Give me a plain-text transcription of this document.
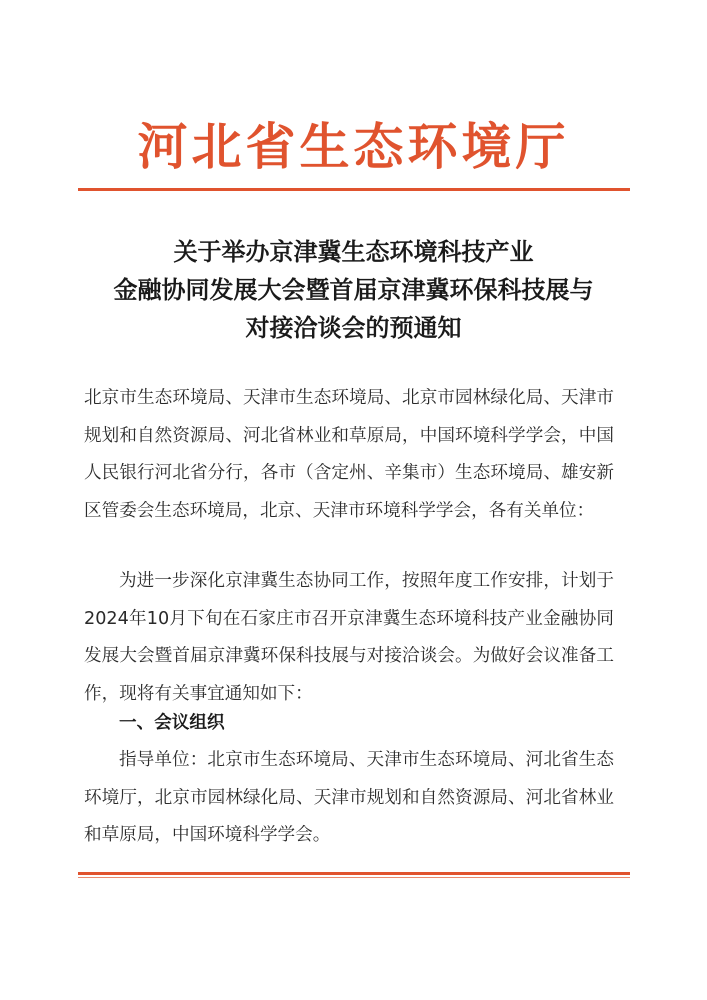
河北省生态环境厅
关于举办京津冀生态环境科技产业
金融协同发展大会暨首届京津冀环保科技展与
对接洽谈会的预通知
北京市生态环境局、天津市生态环境局、北京市园林绿化局、天津市规划和自然资源局、河北省林业和草原局，中国环境科学学会，中国人民银行河北省分行，各市（含定州、辛集市）生态环境局、雄安新区管委会生态环境局，北京、天津市环境科学学会，各有关单位：
为进一步深化京津冀生态协同工作，按照年度工作安排，计划于2024年10月下旬在石家庄市召开京津冀生态环境科技产业金融协同发展大会暨首届京津冀环保科技展与对接洽谈会。为做好会议准备工作，现将有关事宜通知如下：
一、会议组织
指导单位：北京市生态环境局、天津市生态环境局、河北省生态环境厅，北京市园林绿化局、天津市规划和自然资源局、河北省林业和草原局，中国环境科学学会。
